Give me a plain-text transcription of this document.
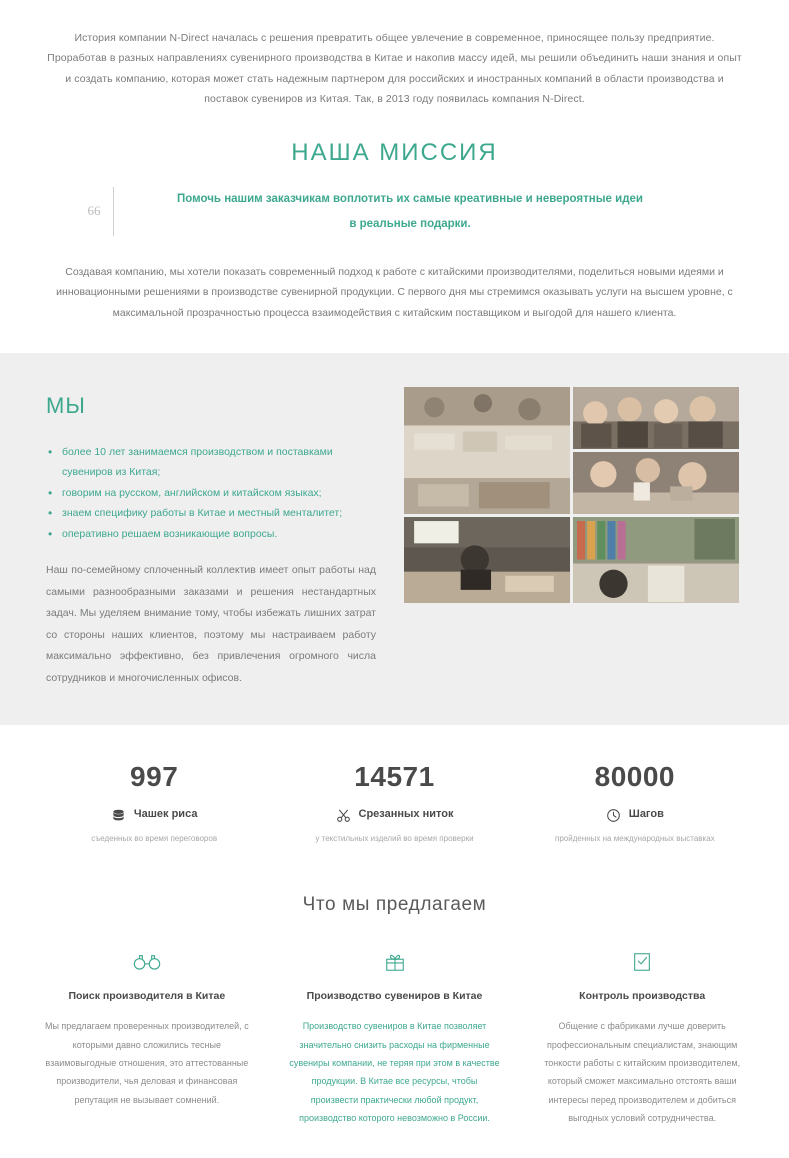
История компании N-Direct началась с решения превратить общее увлечение в современное, приносящее пользу предприятие. Проработав в разных направлениях сувенирного производства в Китае и накопив массу идей, мы решили объединить наши знания и опыт и создать компанию, которая может стать надежным партнером для российских и иностранных компаний в области производства и поставок сувениров из Китая. Так, в 2013 году появилась компания N-Direct.

НАША МИССИЯ
66
Помочь нашим заказчикам воплотить их самые креативные и невероятные идеи
в реальные подарки.

Создавая компанию, мы хотели показать современный подход к работе с китайскими производителями, поделиться новыми идеями и инновационными решениями в производстве сувенирной продукции. С первого дня мы стремимся оказывать услуги на высшем уровне, с максимальной прозрачностью процесса взаимодействия с китайским поставщиком и выгодой для нашего клиента.

МЫ
• более 10 лет занимаемся производством и поставками сувениров из Китая;
• говорим на русском, английском и китайском языках;
• знаем специфику работы в Китае и местный менталитет;
• оперативно решаем возникающие вопросы.

Наш по-семейному сплоченный коллектив имеет опыт работы над самыми разнообразными заказами и решения нестандартных задач. Мы уделяем внимание тому, чтобы избежать лишних затрат со стороны наших клиентов, поэтому мы настраиваем работу максимально эффективно, без привлечения огромного числа сотрудников и многочисленных офисов.

997
Чашек риса
съеденных во время переговоров
14571
Срезанных ниток
у текстильных изделий во время проверки
80000
Шагов
пройденных на международных выставках
Что мы предлагаем
Поиск производителя в Китае
Мы предлагаем проверенных производителей, с которыми давно сложились тесные взаимовыгодные отношения, это аттестованные производители, чья деловая и финансовая репутация не вызывает сомнений.
Производство сувениров в Китае
Производство сувениров в Китае позволяет значительно снизить расходы на фирменные сувениры компании, не теряя при этом в качестве продукции. В Китае все ресурсы, чтобы произвести практически любой продукт, производство которого невозможно в России.
Контроль производства
Общение с фабриками лучше доверить профессиональным специалистам, знающим тонкости работы с китайским производителем, который сможет максимально отстоять ваши интересы перед производителем и добиться выгодных условий сотрудничества.
